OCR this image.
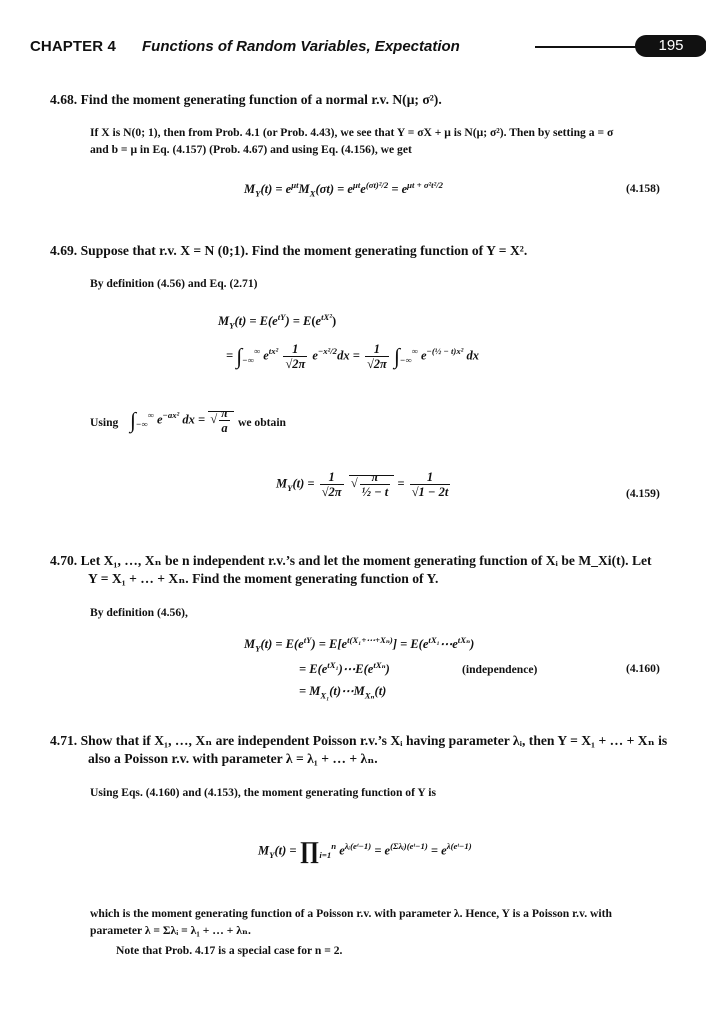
CHAPTER 4 Functions of Random Variables, Expectation	195
4.68. Find the moment generating function of a normal r.v. N(μ; σ²).
If X is N(0; 1), then from Prob. 4.1 (or Prob. 4.43), we see that Y = σX + μ is N(μ; σ²). Then by setting a = σ
and b = μ in Eq. (4.157) (Prob. 4.67) and using Eq. (4.156), we get
$M_Y(t) = e^{\mu t}M_X(\sigma t) = e^{\mu t}e^{(\sigma t)^2/2} = e^{\mu t + \sigma^2t^2/2}$	(4.158)
4.69. Suppose that r.v. X = N (0;1). Find the moment generating function of Y = X².
By definition (4.56) and Eq. (2.71)
$M_Y(t) = E(e^{tY}) = E(e^{tX^2})$
= $\int_{-\infty}^\infty$ $e^{tx^2} \frac{1}{√2\pi} e^{-x^2/2}dx = \frac{1}{√2\pi} \int_{-\infty}^\infty$ $e^{-(\frac{1}{2} - t)x^2}$ dx
Using $\int_{-\infty}^\infty$ $e^{-ax^2}$ dx = √ $\frac{\pi}{a}$ we obtain
$M_Y(t) = \frac{1}{√2\pi}$ √ $\frac{\pi}{\text{½ − t}} = \frac{1}{√1 - 2t}$	(4.159)
4.70. Let X₁, …, Xₙ be n independent r.v.’s and let the moment generating function of Xᵢ be M_Xi(t). Let
Y = X₁ + … + Xₙ. Find the moment generating function of Y.
By definition (4.56),
$M_Y(t) = E(e^{tY}) = E[e^{t(X_1+\cdots+X_n)}]$ = $E(e^{tX_1}\cdots e^{tX_n})$
= $E(e^{tX_1})\cdots E(e^{tX_n})$	(independence)	(4.160)
= $M_{X_1}(t)\cdots M_{X_n}(t)$
4.71. Show that if X₁, …, Xₙ are independent Poisson r.v.’s Xᵢ having parameter λᵢ, then Y = X₁ + … + Xₙ is
also a Poisson r.v. with parameter λ = λ₁ + … + λₙ.
Using Eqs. (4.160) and (4.153), the moment generating function of Y is
$M_Y(t)$ = $\prod_{i=1}^n$ $e^{\lambda ᵢ(eᵗ-1)} = e^{(\Sigma\lambda ᵢ)(eᵗ-1)} = e^{\lambda(eᵗ-1)}$
which is the moment generating function of a Poisson r.v. with parameter λ. Hence, Y is a Poisson r.v. with
parameter λ = Σλᵢ = λ₁ + … + λₙ.
Note that Prob. 4.17 is a special case for n = 2.
